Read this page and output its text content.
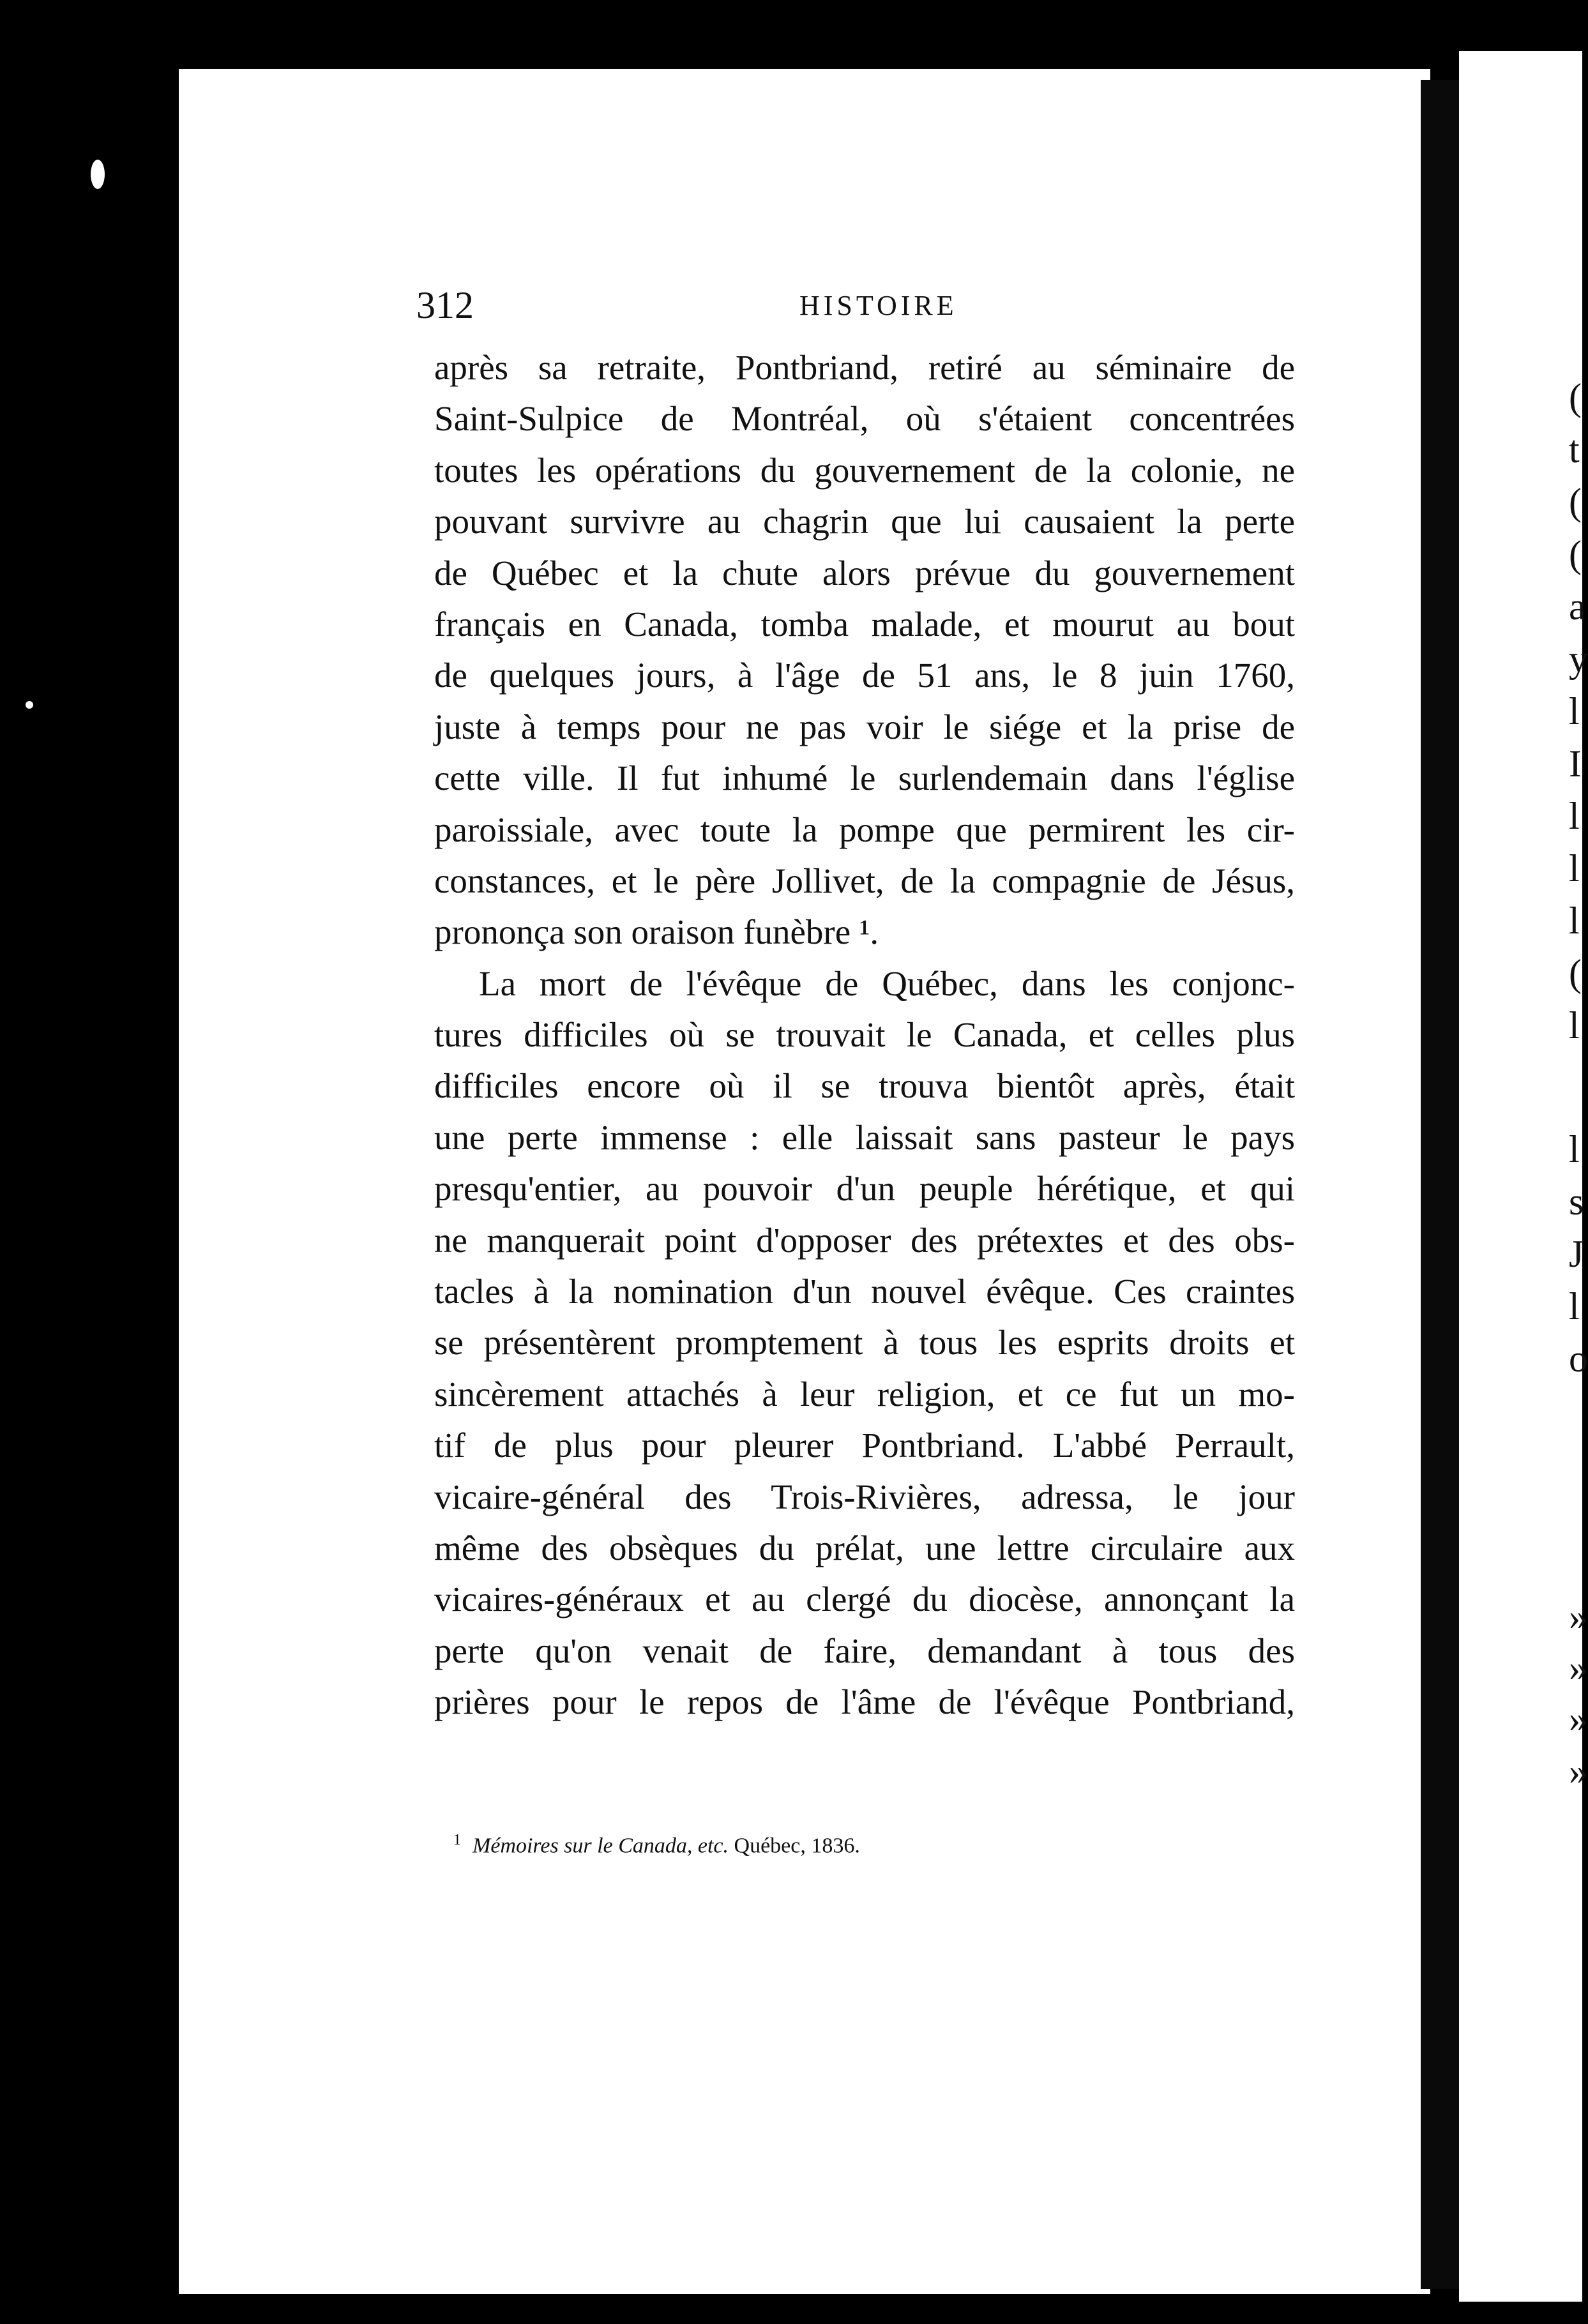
(
t
(
(
a
y
l
I
l
l
l
(
l
l
s
J
l
o
»
»
»
»
312	HISTOIRE
après sa retraite, Pontbriand, retiré au séminaire de
Saint-Sulpice de Montréal, où s'étaient concentrées
toutes les opérations du gouvernement de la colonie, ne
pouvant survivre au chagrin que lui causaient la perte
de Québec et la chute alors prévue du gouvernement
français en Canada, tomba malade, et mourut au bout
de quelques jours, à l'âge de 51 ans, le 8 juin 1760,
juste à temps pour ne pas voir le siége et la prise de
cette ville. Il fut inhumé le surlendemain dans l'église
paroissiale, avec toute la pompe que permirent les cir-
constances, et le père Jollivet, de la compagnie de Jésus,
prononça son oraison funèbre ¹.
La mort de l'évêque de Québec, dans les conjonc-
tures difficiles où se trouvait le Canada, et celles plus
difficiles encore où il se trouva bientôt après, était
une perte immense : elle laissait sans pasteur le pays
presqu'entier, au pouvoir d'un peuple hérétique, et qui
ne manquerait point d'opposer des prétextes et des obs-
tacles à la nomination d'un nouvel évêque. Ces craintes
se présentèrent promptement à tous les esprits droits et
sincèrement attachés à leur religion, et ce fut un mo-
tif de plus pour pleurer Pontbriand. L'abbé Perrault,
vicaire-général des Trois-Rivières, adressa, le jour
même des obsèques du prélat, une lettre circulaire aux
vicaires-généraux et au clergé du diocèse, annonçant la
perte qu'on venait de faire, demandant à tous des
prières pour le repos de l'âme de l'évêque Pontbriand,
$^1$ Mémoires sur le Canada, etc. Québec, 1836.
